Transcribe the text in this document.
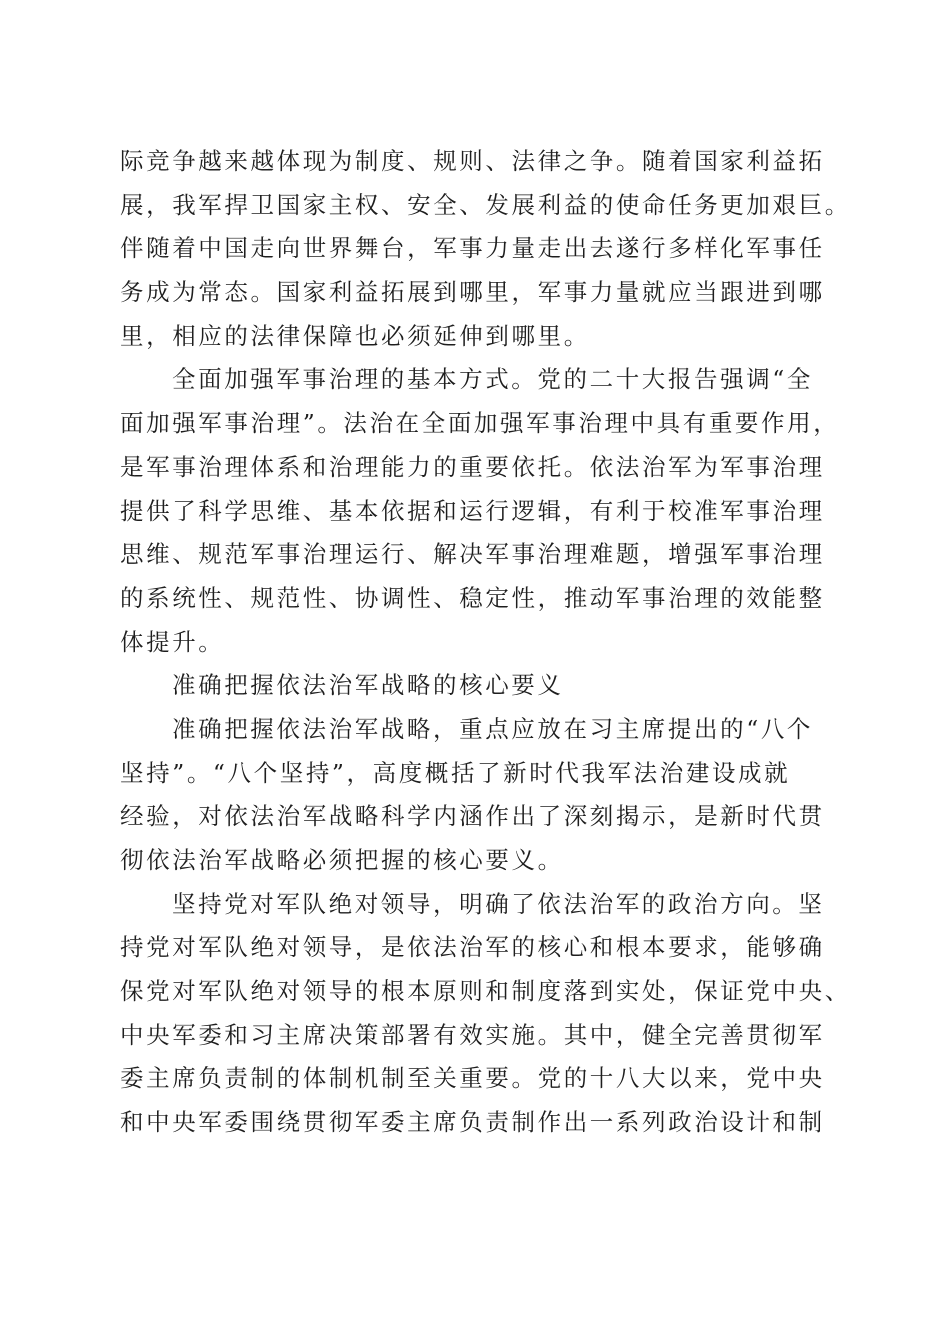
际竞争越来越体现为制度、规则、法律之争。随着国家利益拓
展，我军捍卫国家主权、安全、发展利益的使命任务更加艰巨。
伴随着中国走向世界舞台，军事力量走出去遂行多样化军事任
务成为常态。国家利益拓展到哪里，军事力量就应当跟进到哪
里，相应的法律保障也必须延伸到哪里。
全面加强军事治理的基本方式。党的二十大报告强调“全
面加强军事治理”。法治在全面加强军事治理中具有重要作用，
是军事治理体系和治理能力的重要依托。依法治军为军事治理
提供了科学思维、基本依据和运行逻辑，有利于校准军事治理
思维、规范军事治理运行、解决军事治理难题，增强军事治理
的系统性、规范性、协调性、稳定性，推动军事治理的效能整
体提升。
准确把握依法治军战略的核心要义
准确把握依法治军战略，重点应放在习主席提出的“八个
坚持”。“八个坚持”，高度概括了新时代我军法治建设成就
经验，对依法治军战略科学内涵作出了深刻揭示，是新时代贯
彻依法治军战略必须把握的核心要义。
坚持党对军队绝对领导，明确了依法治军的政治方向。坚
持党对军队绝对领导，是依法治军的核心和根本要求，能够确
保党对军队绝对领导的根本原则和制度落到实处，保证党中央、
中央军委和习主席决策部署有效实施。其中，健全完善贯彻军
委主席负责制的体制机制至关重要。党的十八大以来，党中央
和中央军委围绕贯彻军委主席负责制作出一系列政治设计和制
